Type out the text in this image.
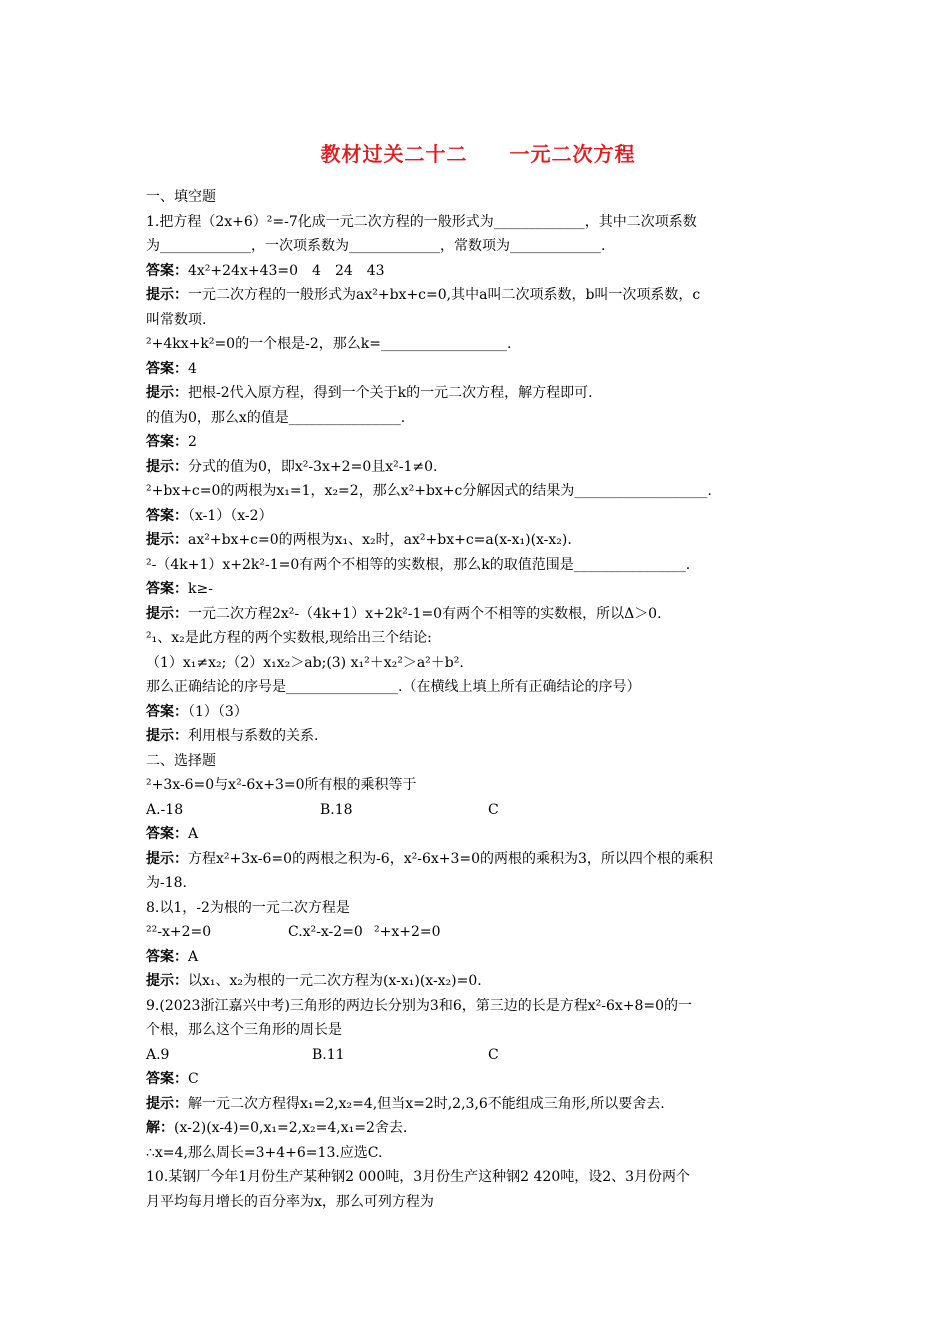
教材过关二十二　　一元二次方程
一、填空题
1.把方程（2x+6）²=-7化成一元二次方程的一般形式为_____________，其中二次项系数
为_____________，一次项系数为_____________，常数项为_____________.
答案：4x²+24x+43=0　4　24　43
提示：一元二次方程的一般形式为ax²+bx+c=0,其中a叫二次项系数，b叫一次项系数，c
叫常数项.
²+4kx+k²=0的一个根是-2，那么k=__________________.
答案：4
提示：把根-2代入原方程，得到一个关于k的一元二次方程，解方程即可.
的值为0，那么x的值是________________.
答案：2
提示：分式的值为0，即x²-3x+2=0且x²-1≠0.
²+bx+c=0的两根为x₁=1，x₂=2，那么x²+bx+c分解因式的结果为___________________.
答案：（x-1）（x-2）
提示：ax²+bx+c=0的两根为x₁、x₂时，ax²+bx+c=a(x-x₁)(x-x₂).
²-（4k+1）x+2k²-1=0有两个不相等的实数根，那么k的取值范围是________________.
答案：k≥-
提示：一元二次方程2x²-（4k+1）x+2k²-1=0有两个不相等的实数根，所以Δ＞0.
²₁、x₂是此方程的两个实数根,现给出三个结论:
（1）x₁≠x₂;（2）x₁x₂＞ab;(3) x₁²＋x₂²＞a²＋b².
那么正确结论的序号是________________.（在横线上填上所有正确结论的序号）
答案：（1）（3）
提示：利用根与系数的关系.
二、选择题
²+3x-6=0与x²-6x+3=0所有根的乘积等于
A.-18	B.18	C
答案：A
提示：方程x²+3x-6=0的两根之积为-6，x²-6x+3=0的两根的乘积为3，所以四个根的乘积
为-18.
8.以1，-2为根的一元二次方程是
²²-x+2=0	C.x²-x-2=0 ²+x+2=0
答案：A
提示：以x₁、x₂为根的一元二次方程为(x-x₁)(x-x₂)=0.
9.(2023浙江嘉兴中考)三角形的两边长分别为3和6，第三边的长是方程x²-6x+8=0的一
个根，那么这个三角形的周长是
A.9	B.11	C
答案：C
提示：解一元二次方程得x₁=2,x₂=4,但当x=2时,2,3,6不能组成三角形,所以要舍去.
解：(x-2)(x-4)=0,x₁=2,x₂=4,x₁=2舍去.
∴x=4,那么周长=3+4+6=13.应选C.
10.某钢厂今年1月份生产某种钢2 000吨，3月份生产这种钢2 420吨，设2、3月份两个
月平均每月增长的百分率为x，那么可列方程为
